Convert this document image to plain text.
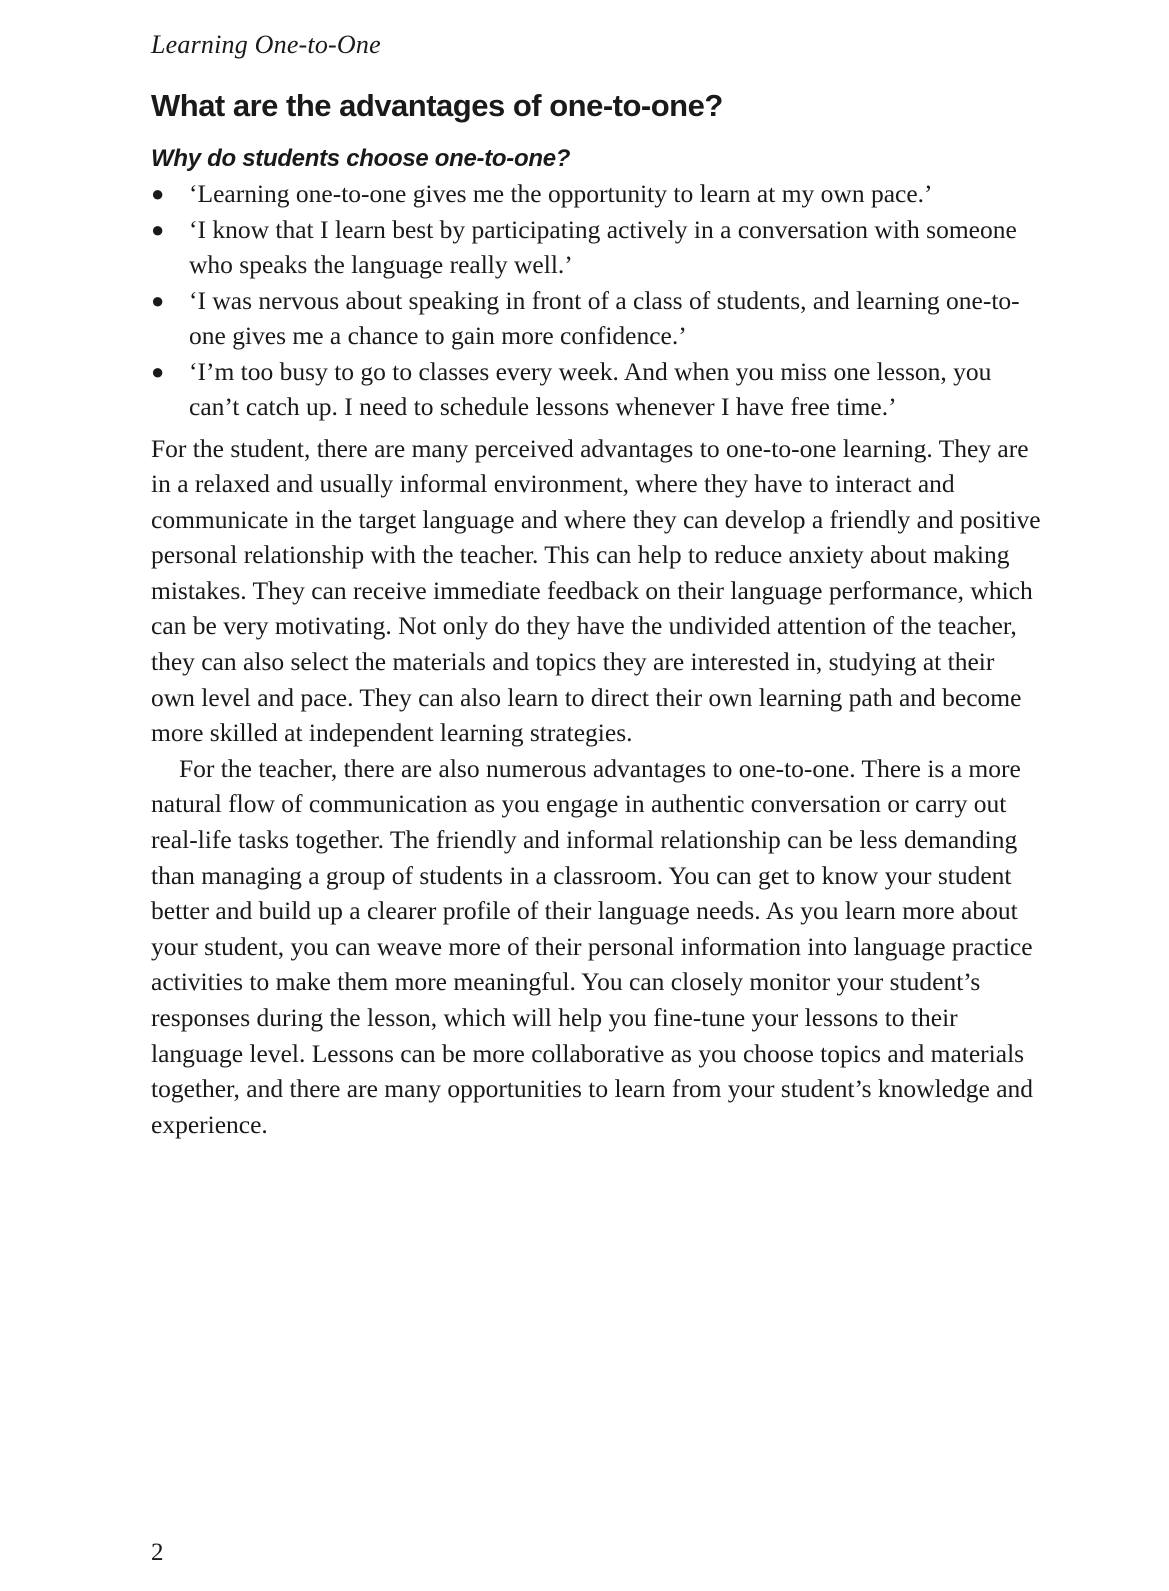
Learning One-to-One
What are the advantages of one-to-one?
Why do students choose one-to-one?
● ‘Learning one-to-one gives me the opportunity to learn at my own pace.’
● ‘I know that I learn best by participating actively in a conversation with someone who speaks the language really well.’
● ‘I was nervous about speaking in front of a class of students, and learning one-to-one gives me a chance to gain more confidence.’
● ‘I’m too busy to go to classes every week. And when you miss one lesson, you can’t catch up. I need to schedule lessons whenever I have free time.’

For the student, there are many perceived advantages to one-to-one learning. They are in a relaxed and usually informal environment, where they have to interact and communicate in the target language and where they can develop a friendly and positive personal relationship with the teacher. This can help to reduce anxiety about making mistakes. They can receive immediate feedback on their language performance, which can be very motivating. Not only do they have the undivided attention of the teacher, they can also select the materials and topics they are interested in, studying at their own level and pace. They can also learn to direct their own learning path and become more skilled at independent learning strategies.

For the teacher, there are also numerous advantages to one-to-one. There is a more natural flow of communication as you engage in authentic conversation or carry out real-life tasks together. The friendly and informal relationship can be less demanding than managing a group of students in a classroom. You can get to know your student better and build up a clearer profile of their language needs. As you learn more about your student, you can weave more of their personal information into language practice activities to make them more meaningful. You can closely monitor your student’s responses during the lesson, which will help you fine-tune your lessons to their language level. Lessons can be more collaborative as you choose topics and materials together, and there are many opportunities to learn from your student’s knowledge and experience.

2
